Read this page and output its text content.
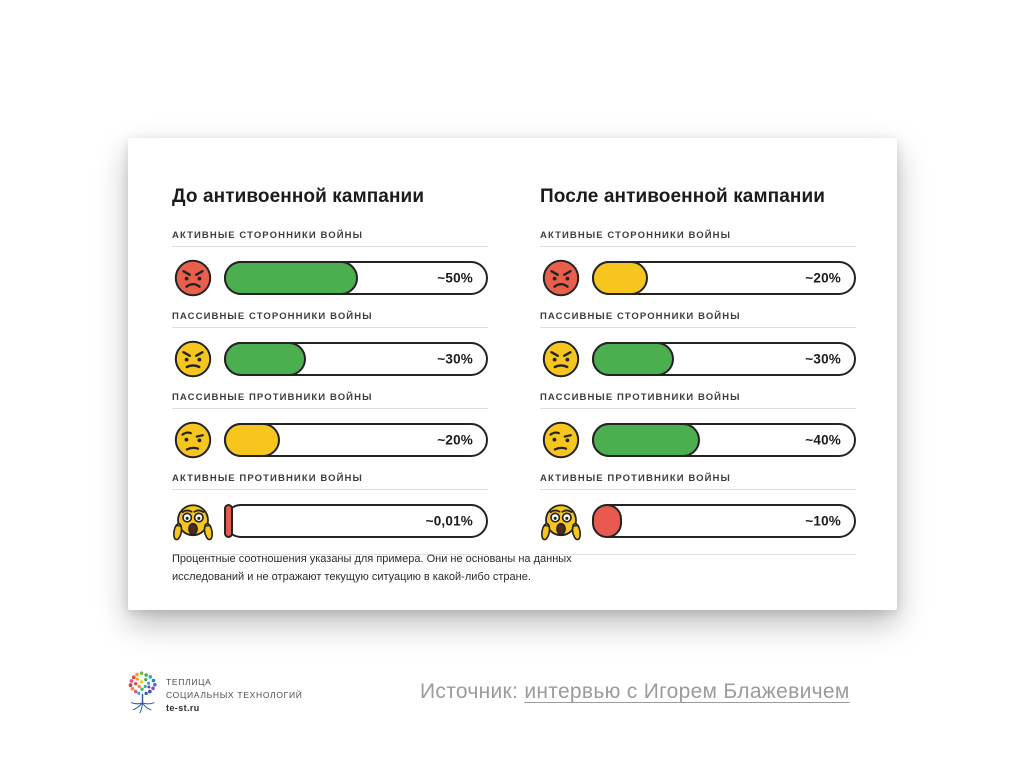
До антивоенной кампании
АКТИВНЫЕ СТОРОННИКИ ВОЙНЫ
~50%
ПАССИВНЫЕ СТОРОННИКИ ВОЙНЫ
~30%
ПАССИВНЫЕ ПРОТИВНИКИ ВОЙНЫ
~20%
АКТИВНЫЕ ПРОТИВНИКИ ВОЙНЫ
~0,01%
После антивоенной кампании
АКТИВНЫЕ СТОРОННИКИ ВОЙНЫ
~20%
ПАССИВНЫЕ СТОРОННИКИ ВОЙНЫ
~30%
ПАССИВНЫЕ ПРОТИВНИКИ ВОЙНЫ
~40%
АКТИВНЫЕ ПРОТИВНИКИ ВОЙНЫ
~10%

Процентные соотношения указаны для примера. Они не основаны на данных исследований и не отражают текущую ситуацию в какой-либо стране.

ТЕПЛИЦА
СОЦИАЛЬНЫХ ТЕХНОЛОГИЙ
te-st.ru
Источник: интервью с Игорем Блажевичем
